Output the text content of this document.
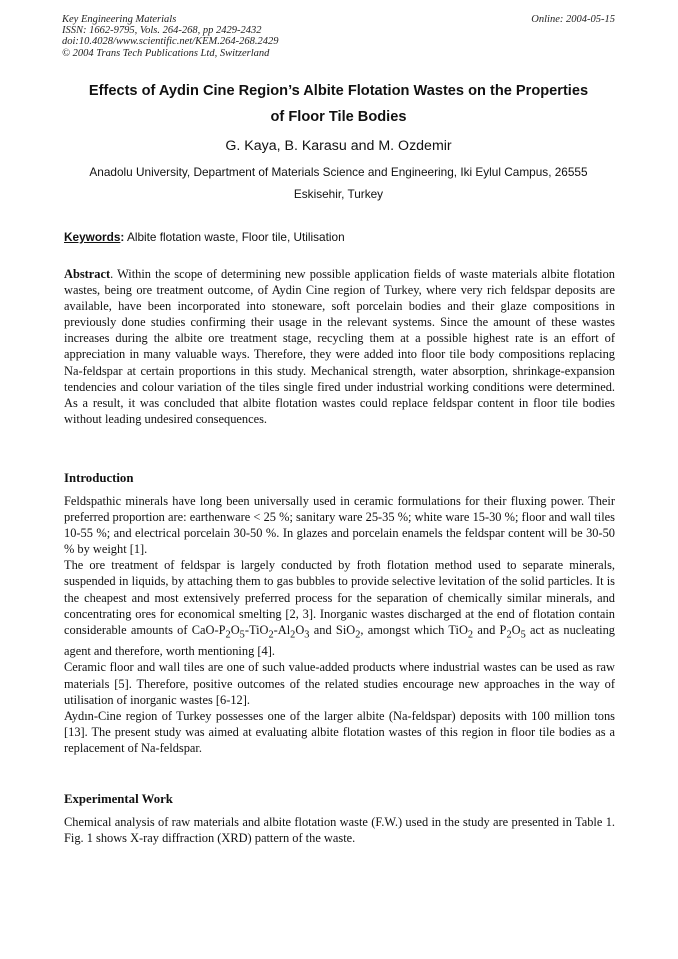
Key Engineering Materials	Online: 2004-05-15
ISSN: 1662-9795, Vols. 264-268, pp 2429-2432
doi:10.4028/www.scientific.net/KEM.264-268.2429
© 2004 Trans Tech Publications Ltd, Switzerland
Effects of Aydin Cine Region’s Albite Flotation Wastes on the Properties
of Floor Tile Bodies
G. Kaya, B. Karasu and M. Ozdemir
Anadolu University, Department of Materials Science and Engineering, Iki Eylul Campus, 26555
Eskisehir, Turkey
Keywords: Albite flotation waste, Floor tile, Utilisation
Abstract. Within the scope of determining new possible application fields of waste materials albite flotation wastes, being ore treatment outcome, of Aydin Cine region of Turkey, where very rich feldspar deposits are available, have been incorporated into stoneware, soft porcelain bodies and their glaze compositions in previously done studies confirming their usage in the relevant systems. Since the amount of these wastes increases during the albite ore treatment stage, recycling them at a possible highest rate is an effort of appreciation in many valuable ways. Therefore, they were added into floor tile body compositions replacing Na-feldspar at certain proportions in this study. Mechanical strength, water absorption, shrinkage-expansion tendencies and colour variation of the tiles single fired under industrial working conditions were determined. As a result, it was concluded that albite flotation wastes could replace feldspar content in floor tile bodies without leading undesired consequences.
Introduction

Feldspathic minerals have long been universally used in ceramic formulations for their fluxing power. Their preferred proportion are: earthenware < 25 %; sanitary ware 25-35 %; white ware 15-30 %; floor and wall tiles 10-55 %; and electrical porcelain 30-50 %. In glazes and porcelain enamels the feldspar content will be 30-50 % by weight [1].

The ore treatment of feldspar is largely conducted by froth flotation method used to separate minerals, suspended in liquids, by attaching them to gas bubbles to provide selective levitation of the solid particles. It is the cheapest and most extensively preferred process for the separation of chemically similar minerals, and concentrating ores for economical smelting [2, 3]. Inorganic wastes discharged at the end of flotation contain considerable amounts of CaO-$P_2O_5-TiO_2-Al_2O_3$ and SiO$_2$, amongst which TiO$_2$ and $P_2O_5$ act as nucleating agent and therefore, worth mentioning [4].

Ceramic floor and wall tiles are one of such value-added products where industrial wastes can be used as raw materials [5]. Therefore, positive outcomes of the related studies encourage new approaches in the way of utilisation of inorganic wastes [6-12].

Aydın-Cine region of Turkey possesses one of the larger albite (Na-feldspar) deposits with 100 million tons [13]. The present study was aimed at evaluating albite flotation wastes of this region in floor tile bodies as a replacement of Na-feldspar.

Experimental Work

Chemical analysis of raw materials and albite flotation waste (F.W.) used in the study are presented in Table 1. Fig. 1 shows X-ray diffraction (XRD) pattern of the waste.
